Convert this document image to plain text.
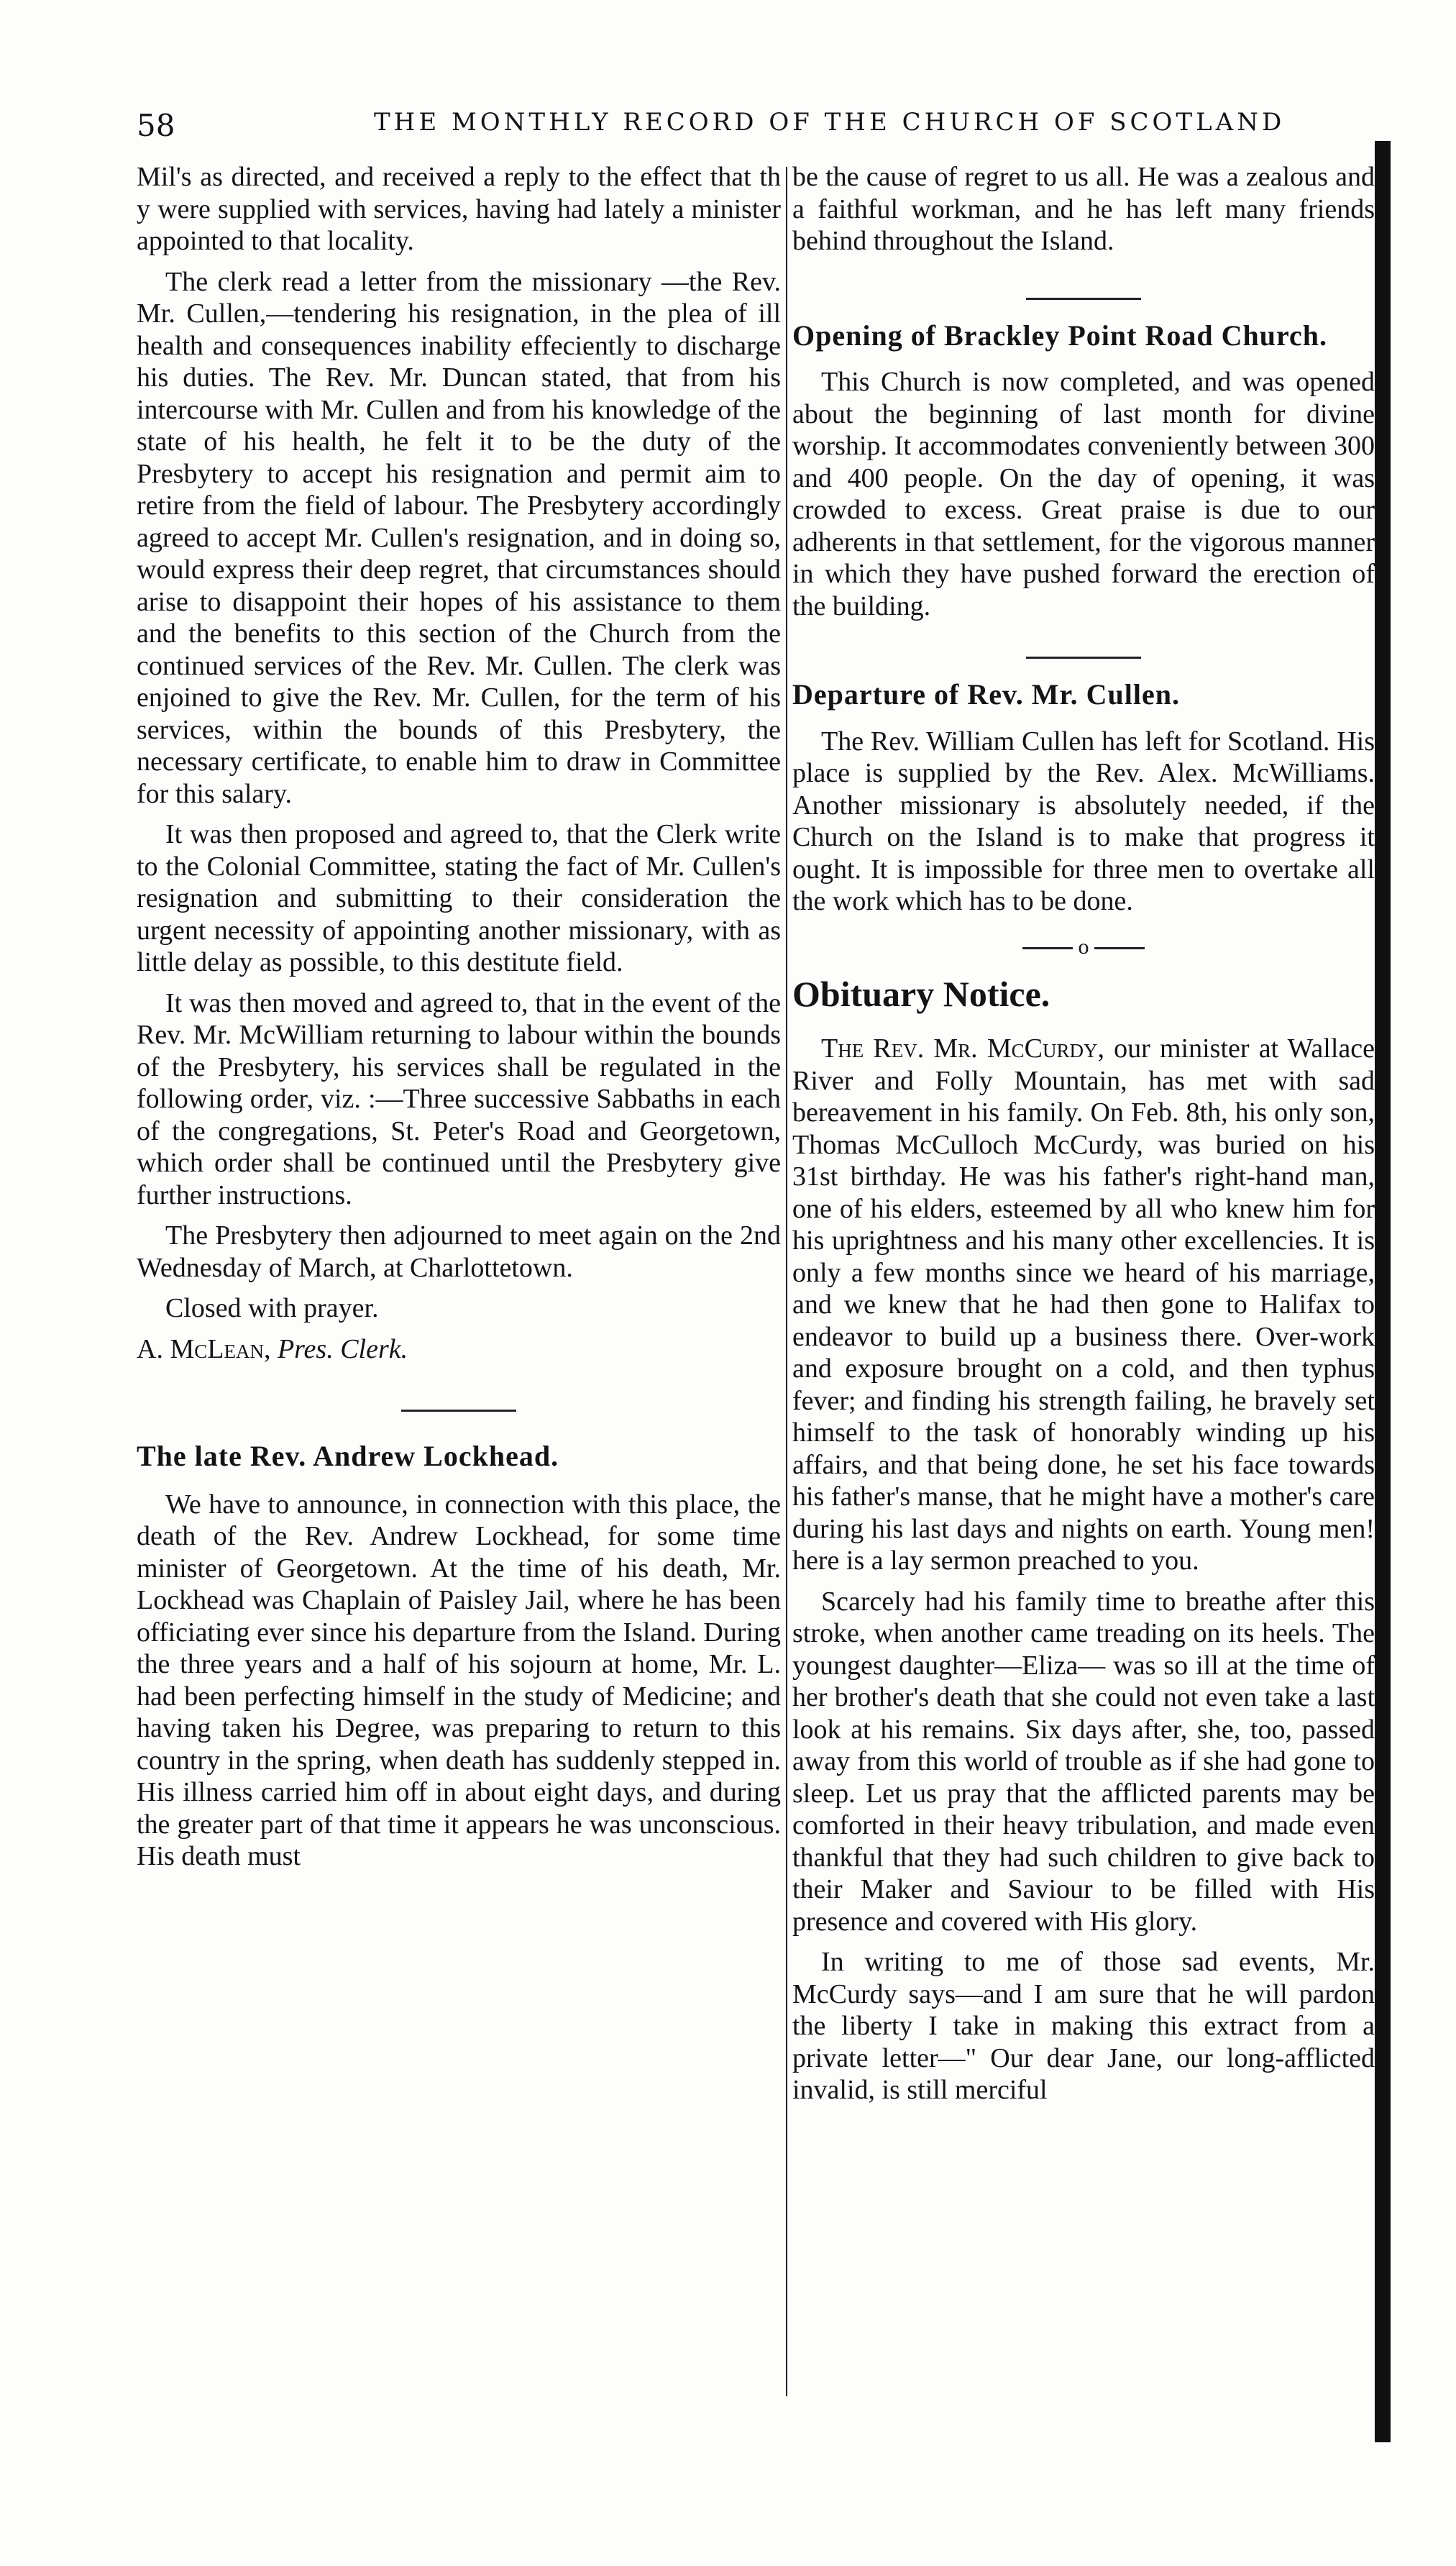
58	THE MONTHLY RECORD OF THE CHURCH OF SCOTLAND

Mil's as directed, and received a reply to the effect that th y were supplied with services, having had lately a minister appointed to that locality.

The clerk read a letter from the missionary —the Rev. Mr. Cullen,—tendering his resignation, in the plea of ill health and consequences inability effeciently to discharge his duties. The Rev. Mr. Duncan stated, that from his intercourse with Mr. Cullen and from his knowledge of the state of his health, he felt it to be the duty of the Presbytery to accept his resignation and permit aim to retire from the field of labour. The Presbytery accordingly agreed to accept Mr. Cullen's resignation, and in doing so, would express their deep regret, that circumstances should arise to disappoint their hopes of his assistance to them and the benefits to this section of the Church from the continued services of the Rev. Mr. Cullen. The clerk was enjoined to give the Rev. Mr. Cullen, for the term of his services, within the bounds of this Presbytery, the necessary certificate, to enable him to draw in Committee for this salary.

It was then proposed and agreed to, that the Clerk write to the Colonial Committee, stating the fact of Mr. Cullen's resignation and submitting to their consideration the urgent necessity of appointing another missionary, with as little delay as possible, to this destitute field.

It was then moved and agreed to, that in the event of the Rev. Mr. McWilliam returning to labour within the bounds of the Presbytery, his services shall be regulated in the following order, viz. :—Three successive Sabbaths in each of the congregations, St. Peter's Road and Georgetown, which order shall be continued until the Presbytery give further instructions.

The Presbytery then adjourned to meet again on the 2nd Wednesday of March, at Charlottetown.

Closed with prayer.

A. McLean, Pres. Clerk.

The late Rev. Andrew Lockhead.

We have to announce, in connection with this place, the death of the Rev. Andrew Lockhead, for some time minister of Georgetown. At the time of his death, Mr. Lockhead was Chaplain of Paisley Jail, where he has been officiating ever since his departure from the Island. During the three years and a half of his sojourn at home, Mr. L. had been perfecting himself in the study of Medicine; and having taken his Degree, was preparing to return to this country in the spring, when death has suddenly stepped in. His illness carried him off in about eight days, and during the greater part of that time it appears he was unconscious. His death must

be the cause of regret to us all. He was a zealous and a faithful workman, and he has left many friends behind throughout the Island.

Opening of Brackley Point Road Church.

This Church is now completed, and was opened about the beginning of last month for divine worship. It accommodates conveniently between 300 and 400 people. On the day of opening, it was crowded to excess. Great praise is due to our adherents in that settlement, for the vigorous manner in which they have pushed forward the erection of the building.

Departure of Rev. Mr. Cullen.

The Rev. William Cullen has left for Scotland. His place is supplied by the Rev. Alex. McWilliams. Another missionary is absolutely needed, if the Church on the Island is to make that progress it ought. It is impossible for three men to overtake all the work which has to be done.

o

Obituary Notice.

The Rev. Mr. McCurdy, our minister at Wallace River and Folly Mountain, has met with sad bereavement in his family. On Feb. 8th, his only son, Thomas McCulloch McCurdy, was buried on his 31st birthday. He was his father's right-hand man, one of his elders, esteemed by all who knew him for his uprightness and his many other excellencies. It is only a few months since we heard of his marriage, and we knew that he had then gone to Halifax to endeavor to build up a business there. Over-work and exposure brought on a cold, and then typhus fever; and finding his strength failing, he bravely set himself to the task of honorably winding up his affairs, and that being done, he set his face towards his father's manse, that he might have a mother's care during his last days and nights on earth. Young men! here is a lay sermon preached to you.

Scarcely had his family time to breathe after this stroke, when another came treading on its heels. The youngest daughter—Eliza— was so ill at the time of her brother's death that she could not even take a last look at his remains. Six days after, she, too, passed away from this world of trouble as if she had gone to sleep. Let us pray that the afflicted parents may be comforted in their heavy tribulation, and made even thankful that they had such children to give back to their Maker and Saviour to be filled with His presence and covered with His glory.

In writing to me of those sad events, Mr. McCurdy says—and I am sure that he will pardon the liberty I take in making this extract from a private letter—" Our dear Jane, our long-afflicted invalid, is still merciful
